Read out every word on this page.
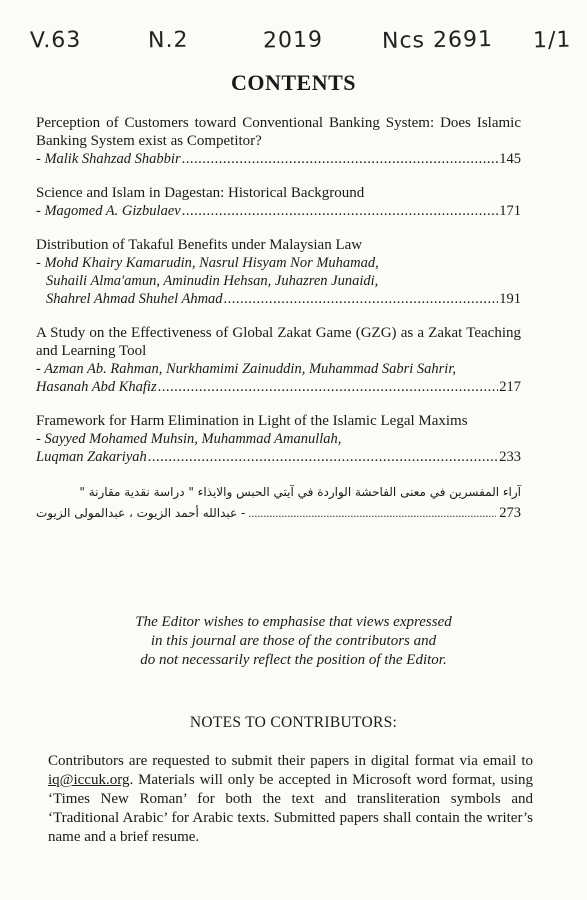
V.63	N.2	2019	Ncs 2691 1/1
CONTENTS
Perception of Customers toward Conventional Banking System: Does Islamic Banking System exist as Competitor?
- Malik Shahzad Shabbir .....	145
Science and Islam in Dagestan: Historical Background
- Magomed A. Gizbulaev .....	171
Distribution of Takaful Benefits under Malaysian Law
- Mohd Khairy Kamarudin, Nasrul Hisyam Nor Muhamad,
Suhaili Alma'amun, Aminudin Hehsan, Juhazren Junaidi,
Shahrel Ahmad Shuhel Ahmad .....	191
A Study on the Effectiveness of Global Zakat Game (GZG) as a Zakat Teaching and Learning Tool
- Azman Ab. Rahman, Nurkhamimi Zainuddin, Muhammad Sabri Sahrir,
Hasanah Abd Khafiz .....	217
Framework for Harm Elimination in Light of the Islamic Legal Maxims
- Sayyed Mohamed Muhsin, Muhammad Amanullah,
Luqman Zakariyah .....	233
آراء المفسرين في معنى الفاحشة الواردة في آيتي الحبس والايذاء " دراسة نقدية مقارنة "
- عبدالله أحمد الزيوت ، عبدالمولى الزيوت .....	273
The Editor wishes to emphasise that views expressed
in this journal are those of the contributors and
do not necessarily reflect the position of the Editor.
NOTES TO CONTRIBUTORS:
Contributors are requested to submit their papers in digital format via email to iq@iccuk.org. Materials will only be accepted in Microsoft word format, using ‘Times New Roman’ for both the text and transliteration symbols and ‘Traditional Arabic’ for Arabic texts. Submitted papers shall contain the writer’s name and a brief resume.
